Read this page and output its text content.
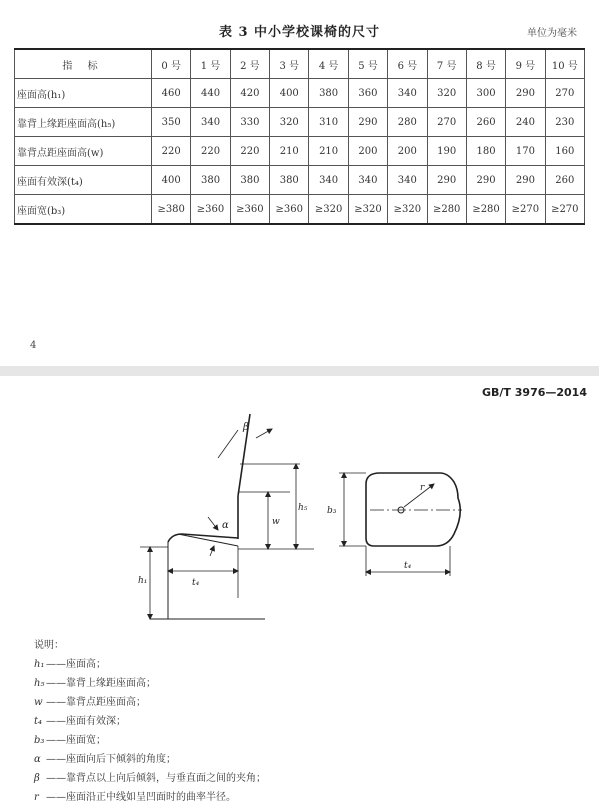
表 3 中小学校课椅的尺寸	单位为毫米
指 标	0 号	1 号	2 号	3 号	4 号	5 号	6 号	7 号	8 号	9 号	10 号
座面高(h₁)	460	440	420	400	380	360	340	320	300	290	270
靠背上缘距座面高(h₅)	350	340	330	320	310	290	280	270	260	240	230
靠背点距座面高(w)	220	220	220	210	210	200	200	190	180	170	160
座面有效深(t₄)	400	380	380	380	340	340	340	290	290	290	260
座面宽(b₃)	≥380	≥360	≥360	≥360	≥320	≥320	≥320	≥280	≥280	≥270	≥270
4
GB/T 3976—2014
β
α	w
h₅
h₁	t₄
b₃
r
t₄
说明：
h₁ ——座面高；
h₅ ——靠背上缘距座面高；
w ——靠背点距座面高；
t₄ ——座面有效深；
b₃ ——座面宽；
α ——座面向后下倾斜的角度；
β ——靠背点以上向后倾斜，与垂直面之间的夹角；
r ——座面沿正中线如呈凹面时的曲率半径。
